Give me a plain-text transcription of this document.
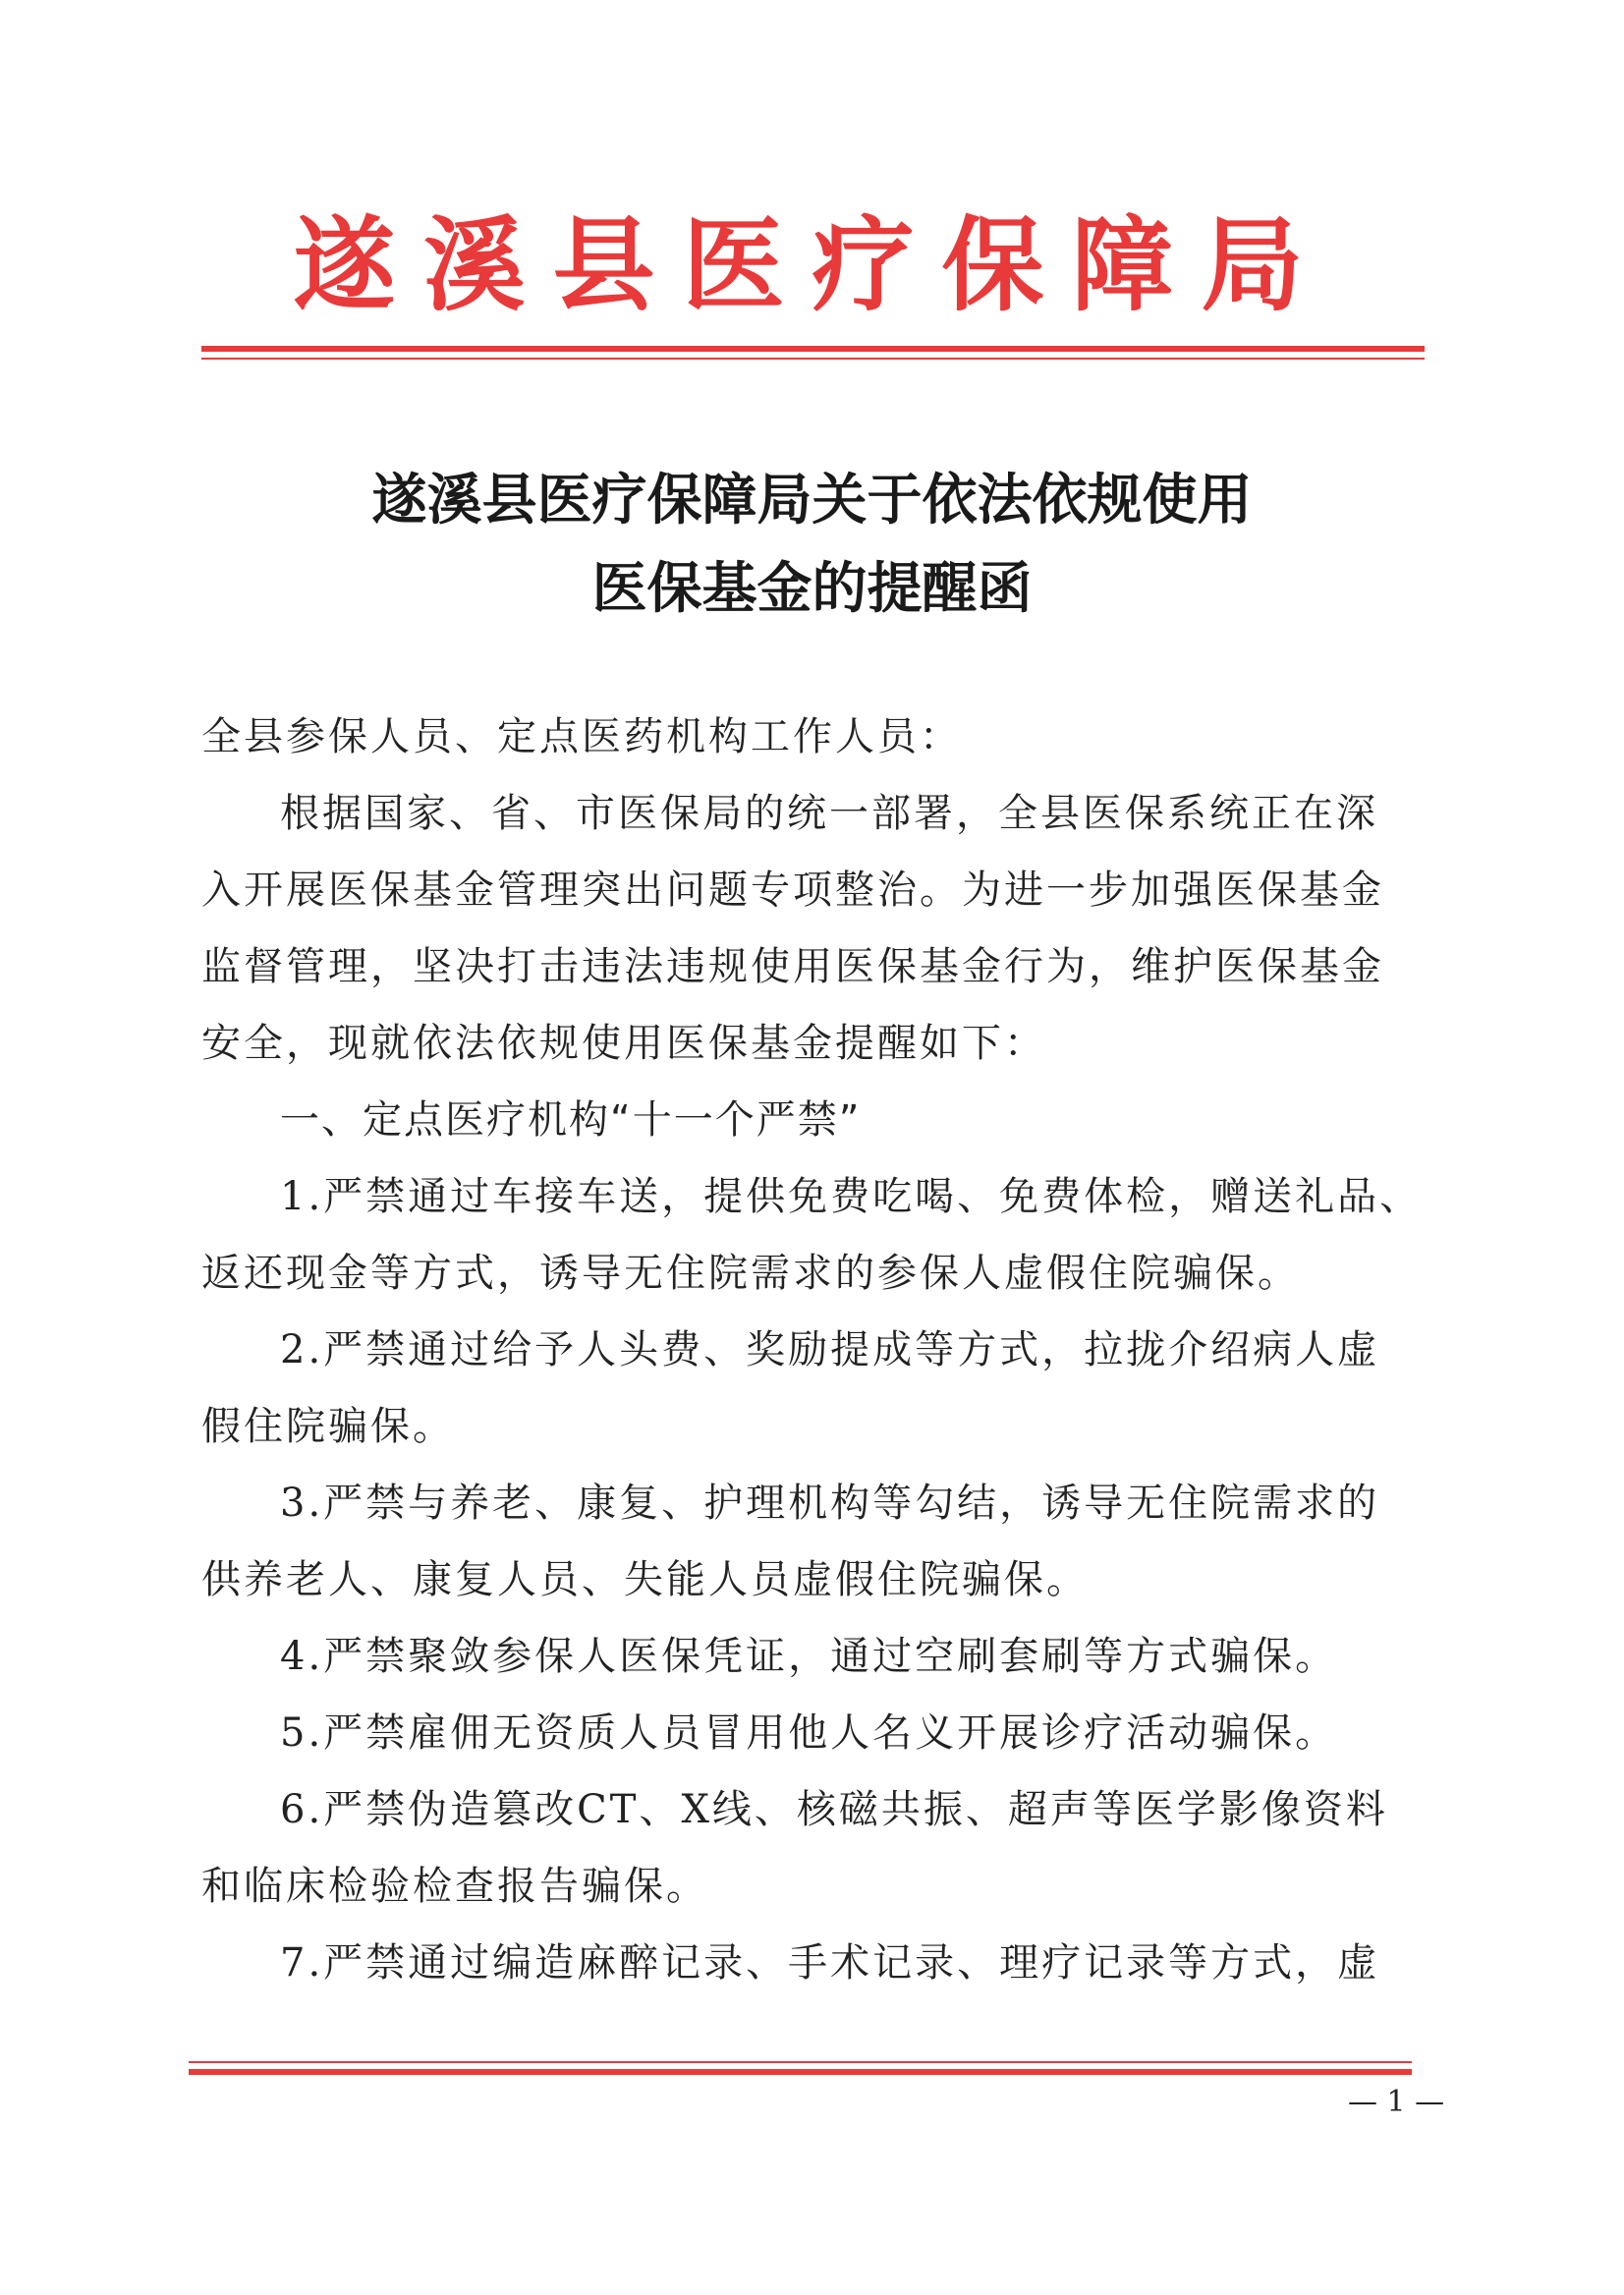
遂溪县医疗保障局
遂溪县医疗保障局关于依法依规使用
医保基金的提醒函
全县参保人员、定点医药机构工作人员：
根据国家、省、市医保局的统一部署，全县医保系统正在深
入开展医保基金管理突出问题专项整治。为进一步加强医保基金
监督管理，坚决打击违法违规使用医保基金行为，维护医保基金
安全，现就依法依规使用医保基金提醒如下：
一、定点医疗机构“十一个严禁”
1.严禁通过车接车送，提供免费吃喝、免费体检，赠送礼品、
返还现金等方式，诱导无住院需求的参保人虚假住院骗保。
2.严禁通过给予人头费、奖励提成等方式，拉拢介绍病人虚
假住院骗保。
3.严禁与养老、康复、护理机构等勾结，诱导无住院需求的
供养老人、康复人员、失能人员虚假住院骗保。
4.严禁聚敛参保人医保凭证，通过空刷套刷等方式骗保。
5.严禁雇佣无资质人员冒用他人名义开展诊疗活动骗保。
6.严禁伪造篡改CT、X线、核磁共振、超声等医学影像资料
和临床检验检查报告骗保。
7.严禁通过编造麻醉记录、手术记录、理疗记录等方式，虚
— 1 —
